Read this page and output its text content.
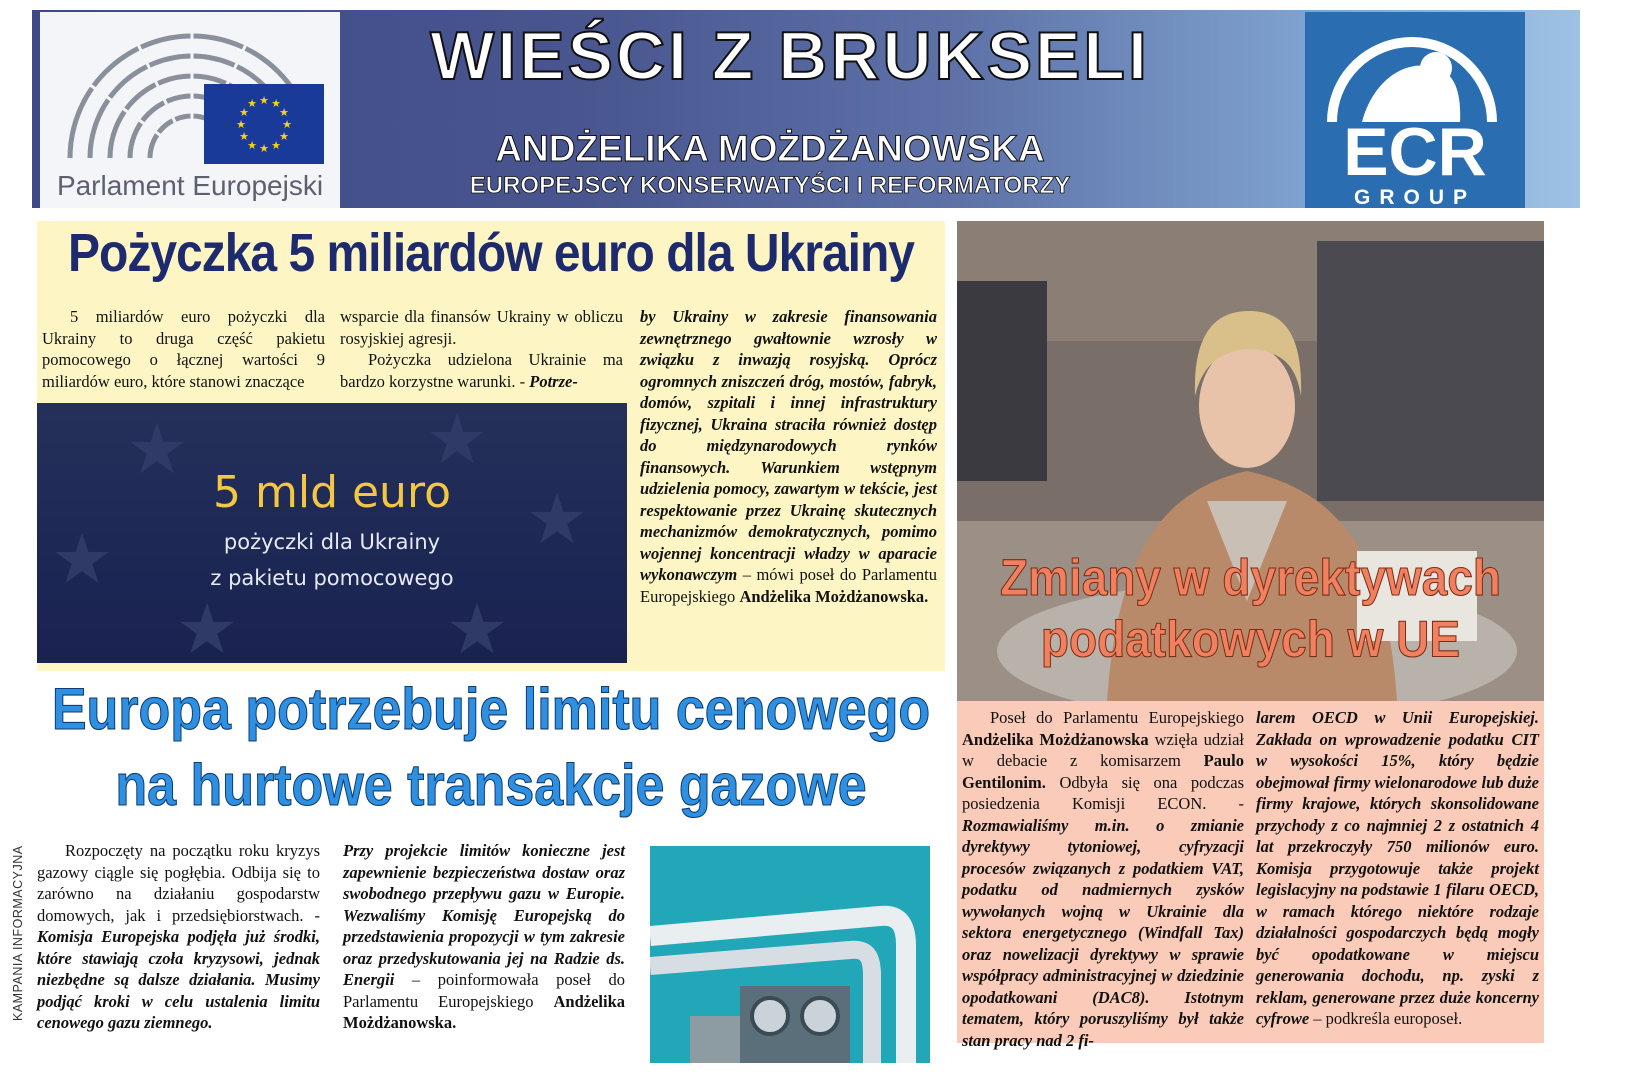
★ ★
★
★
★
★
★
★
★
★
★
★
Parlament Europejski
WIEŚCI Z BRUKSELI
ANDŻELIKA MOŻDŻANOWSKA
EUROPEJSCY KONSERWATYŚCI I REFORMATORZY	ECR
GROUP
Pożyczka 5 miliardów euro dla Ukrainy

5 miliardów euro pożyczki dla Ukrainy to druga część pakietu pomocowego o łącznej wartości 9 miliardów euro, które stanowi znaczące

wsparcie dla finansów Ukrainy w obliczu rosyjskiej agresji.

Pożyczka udzielona Ukrainie ma bardzo korzystne warunki. - Potrze-

by Ukrainy w zakresie finansowania zewnętrznego gwałtownie wzrosły w związku z inwazją rosyjską. Oprócz ogromnych zniszczeń dróg, mostów, fabryk, domów, szpitali i innej infrastruktury fizycznej, Ukraina straciła również dostęp do międzynarodowych rynków finansowych. Warunkiem wstępnym udzielenia pomocy, zawartym w tekście, jest respektowanie przez Ukrainę skutecznych mechanizmów demokratycznych, pomimo wojennej koncentracji władzy w aparacie wykonawczym – mówi poseł do Parlamentu Europejskiego Andżelika Możdżanowska.

★	★
★
★	★
★
5 mld euro
pożyczki dla Ukrainy
z pakietu pomocowego	Zmiany w dyrektywach
podatkowych w UE

Poseł do Parlamentu Europejskiego Andżelika Możdżanowska wzięła udział w debacie z komisarzem Paulo Gentilonim. Odbyła się ona podczas posiedzenia Komisji ECON. - Rozmawialiśmy m.in. o zmianie dyrektywy tytoniowej, cyfryzacji procesów związanych z podatkiem VAT, podatku od nadmiernych zysków wywołanych wojną w Ukrainie dla sektora energetycznego (Windfall Tax) oraz nowelizacji dyrektywy w sprawie współpracy administracyjnej w dziedzinie opodatkowani (DAC8). Istotnym tematem, który poruszyliśmy był także stan pracy nad 2 fi-

larem OECD w Unii Europejskiej. Zakłada on wprowadzenie podatku CIT w wysokości 15%, który będzie obejmował firmy wielonarodowe lub duże firmy krajowe, których skonsolidowane przychody z co najmniej 2 z ostatnich 4 lat przekroczyły 750 milionów euro. Komisja przygotowuje także projekt legislacyjny na podstawie 1 filaru OECD, w ramach którego niektóre rodzaje działalności gospodarczych będą mogły być opodatkowane w miejscu generowania dochodu, np. zyski z reklam, generowane przez duże koncerny cyfrowe – podkreśla europoseł.

Europa potrzebuje limitu cenowego
na hurtowe transakcje gazowe

Rozpoczęty na początku roku kryzys gazowy ciągle się pogłębia. Odbija się to zarówno na działaniu gospodarstw domowych, jak i przedsiębiorstwach. - Komisja Europejska podjęła już środki, które stawiają czoła kryzysowi, jednak niezbędne są dalsze działania. Musimy podjąć kroki w celu ustalenia limitu cenowego gazu ziemnego.

Przy projekcie limitów konieczne jest zapewnienie bezpieczeństwa dostaw oraz swobodnego przepływu gazu w Europie. Wezwaliśmy Komisję Europejską do przedstawienia propozycji w tym zakresie oraz przedyskutowania jej na Radzie ds. Energii – poinformowała poseł do Parlamentu Europejskiego Andżelika Możdżanowska.

KAMPANIA INFORMACYJNA
